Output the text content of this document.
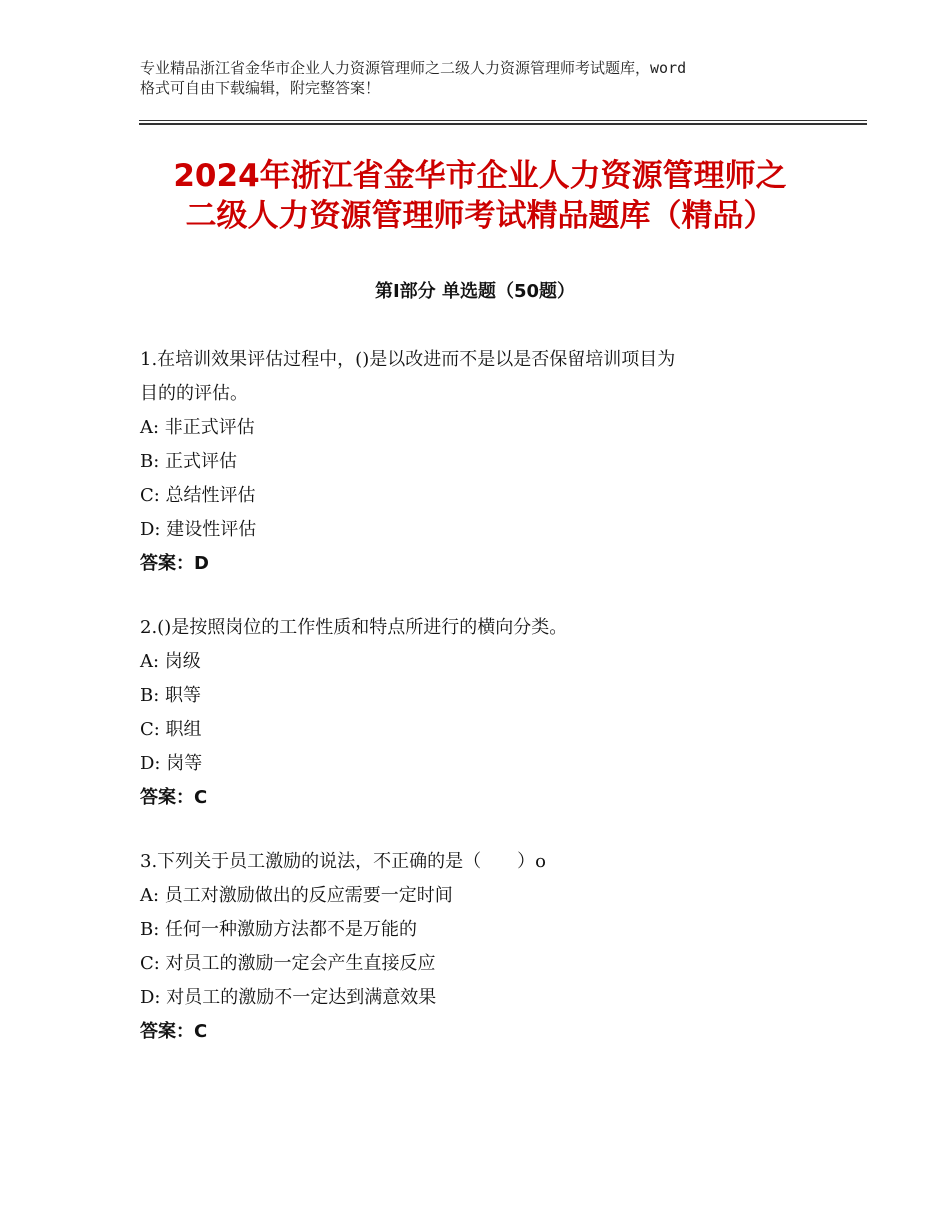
专业精品浙江省金华市企业人力资源管理师之二级人力资源管理师考试题库，word
格式可自由下载编辑，附完整答案！
2024年浙江省金华市企业人力资源管理师之
二级人力资源管理师考试精品题库（精品）
第Ⅰ部分 单选题（50题）
1.在培训效果评估过程中，()是以改进而不是以是否保留培训项目为
目的的评估。
A: 非正式评估
B: 正式评估
C: 总结性评估
D: 建设性评估
答案：D
2.()是按照岗位的工作性质和特点所进行的横向分类。
A: 岗级
B: 职等
C: 职组
D: 岗等
答案：C
3.下列关于员工激励的说法，不正确的是（　　）o
A: 员工对激励做出的反应需要一定时间
B: 任何一种激励方法都不是万能的
C: 对员工的激励一定会产生直接反应
D: 对员工的激励不一定达到满意效果
答案：C
